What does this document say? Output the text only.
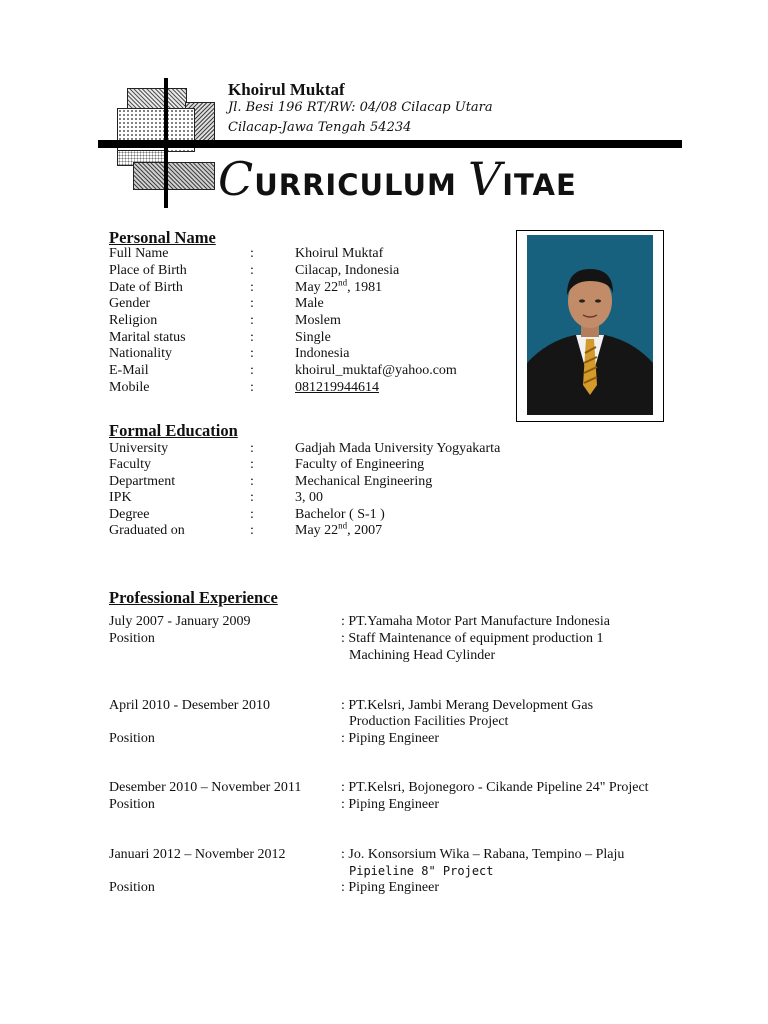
Khoirul Muktaf
Jl. Besi 196 RT/RW: 04/08 Cilacap Utara
Cilacap-Jawa Tengah 54234
CURRICULUM VITAE
Personal Name
Full Name	:	Khoirul Muktaf
Place of Birth	:	Cilacap, Indonesia
Date of Birth	:	May 22nd, 1981
Gender	:	Male
Religion	:	Moslem
Marital status	:	Single
Nationality	:	Indonesia
E-Mail	:	khoirul_muktaf@yahoo.com
Mobile	:	081219944614
Formal Education
University	:	Gadjah Mada University Yogyakarta
Faculty	:	Faculty of Engineering
Department	:	Mechanical Engineering
IPK	:	3, 00
Degree	:	Bachelor ( S-1 )
Graduated on	:	May 22nd, 2007
Professional Experience
July 2007 - January 2009	: PT.Yamaha Motor Part Manufacture Indonesia
Position	: Staff Maintenance of equipment production 1
Machining Head Cylinder
April 2010 - Desember 2010	: PT.Kelsri, Jambi Merang Development Gas
Production Facilities Project
Position	: Piping Engineer
Desember 2010 – November 2011	: PT.Kelsri, Bojonegoro - Cikande Pipeline 24" Project
Position	: Piping Engineer
Januari 2012 – November 2012	: Jo. Konsorsium Wika – Rabana, Tempino – Plaju
Pipieline 8" Project
Position	: Piping Engineer
